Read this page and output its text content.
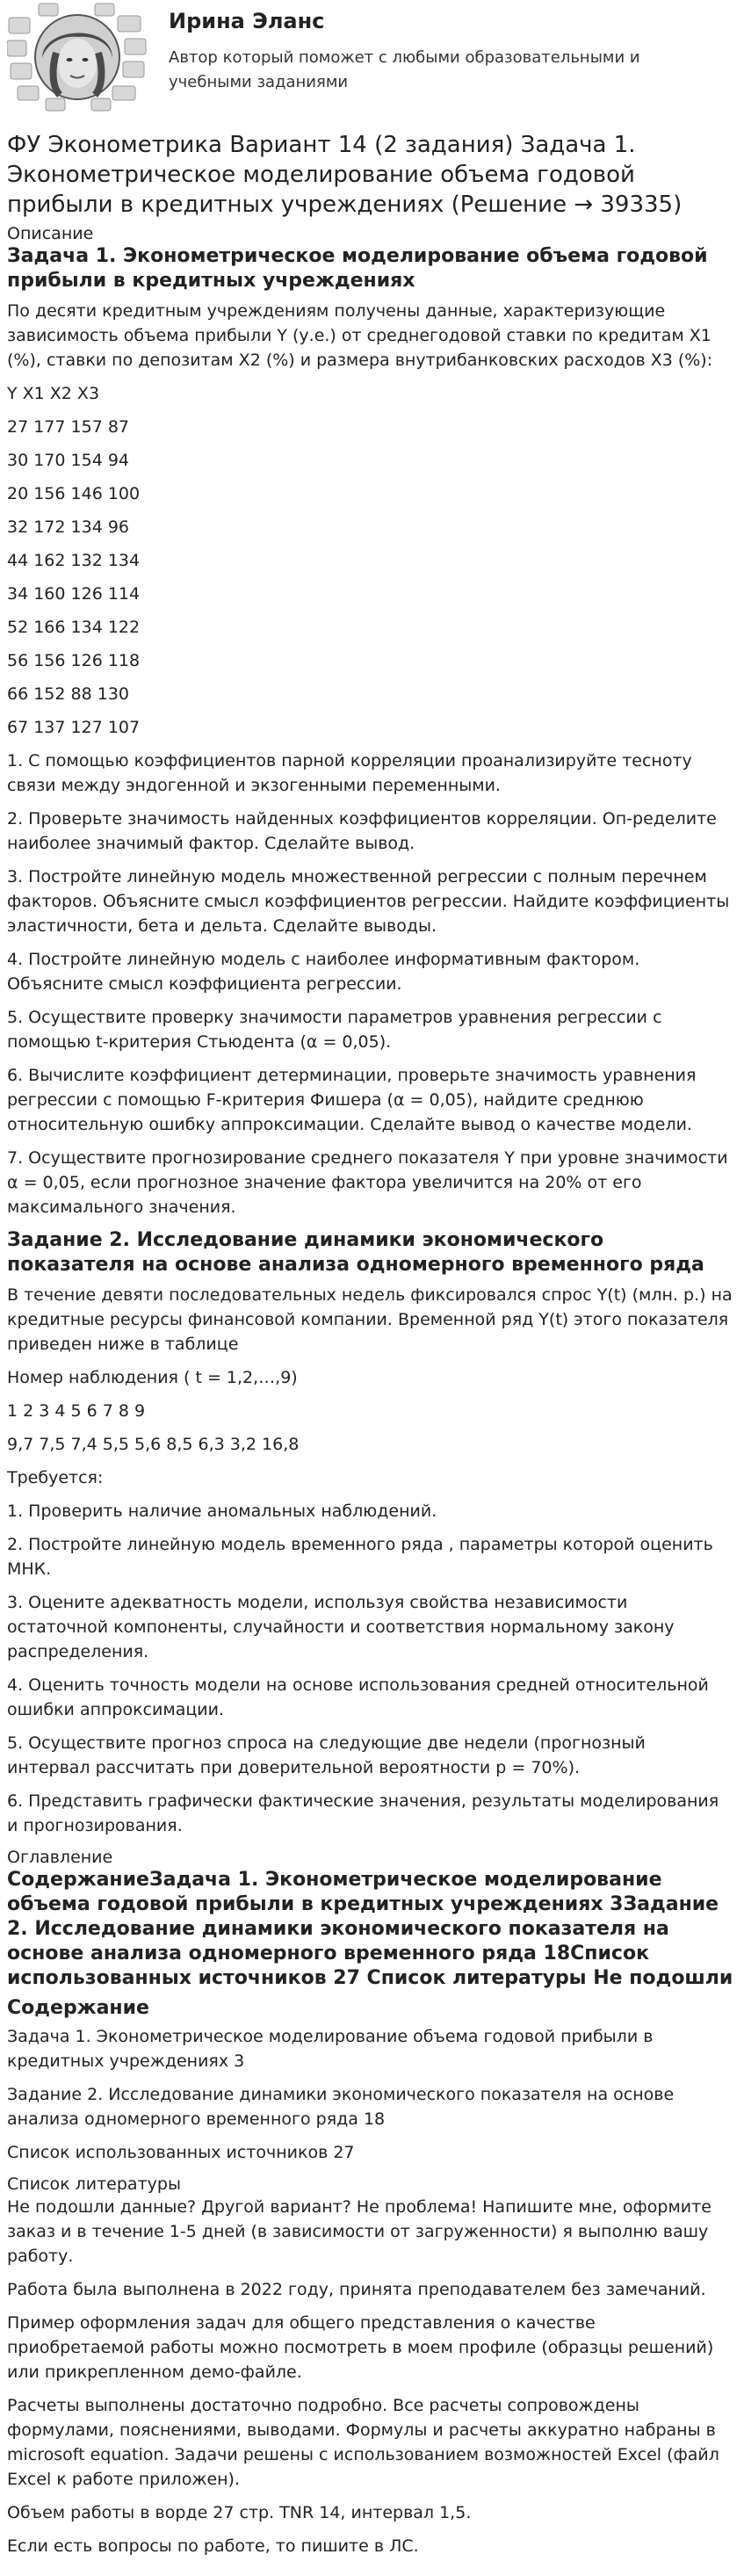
Ирина Эланс
Автор который поможет с любыми образовательными и учебными заданиями
ФУ Эконометрика Вариант 14 (2 задания) Задача 1. Эконометрическое моделирование объема годовой прибыли в кредитных учреждениях (Решение → 39335)
Описание
Задача 1. Эконометрическое моделирование объема годовой прибыли в кредитных учреждениях

По десяти кредитным учреждениям получены данные, характеризующие зависимость объема прибыли Y (у.е.) от среднегодовой ставки по кредитам X1 (%), ставки по депозитам X2 (%) и размера внутрибанковских расходов X3 (%):

Y X1 X2 X3

27 177 157 87

30 170 154 94

20 156 146 100

32 172 134 96

44 162 132 134

34 160 126 114

52 166 134 122

56 156 126 118

66 152 88 130

67 137 127 107

1. С помощью коэффициентов парной корреляции проанализируйте тесноту связи между эндогенной и экзогенными переменными.

2. Проверьте значимость найденных коэффициентов корреляции. Оп-ределите наиболее значимый фактор. Сделайте вывод.

3. Постройте линейную модель множественной регрессии с полным перечнем факторов. Объясните смысл коэффициентов регрессии. Найдите коэффициенты эластичности, бета и дельта. Сделайте выводы.

4. Постройте линейную модель с наиболее информативным фактором. Объясните смысл коэффициента регрессии.

5. Осуществите проверку значимости параметров уравнения регрессии с помощью t-критерия Стьюдента (α = 0,05).

6. Вычислите коэффициент детерминации, проверьте значимость уравнения регрессии с помощью F-критерия Фишера (α = 0,05), найдите среднюю относительную ошибку аппроксимации. Сделайте вывод о качестве модели.

7. Осуществите прогнозирование среднего показателя Y при уровне значимости α = 0,05, если прогнозное значение фактора увеличится на 20% от его максимального значения.

Задание 2. Исследование динамики экономического показателя на основе анализа одномерного временного ряда

В течение девяти последовательных недель фиксировался спрос Y(t) (млн. р.) на кредитные ресурсы финансовой компании. Временной ряд Y(t) этого показателя приведен ниже в таблице

Номер наблюдения ( t = 1,2,…,9)

1 2 3 4 5 6 7 8 9

9,7 7,5 7,4 5,5 5,6 8,5 6,3 3,2 16,8

Требуется:

1. Проверить наличие аномальных наблюдений.

2. Постройте линейную модель временного ряда , параметры которой оценить МНК.

3. Оцените адекватность модели, используя свойства независимости остаточной компоненты, случайности и соответствия нормальному закону распределения.

4. Оценить точность модели на основе использования средней относительной ошибки аппроксимации.

5. Осуществите прогноз спроса на следующие две недели (прогнозный интервал рассчитать при доверительной вероятности р = 70%).

6. Представить графически фактические значения, результаты моделирования и прогнозирования.

Оглавление
СодержаниеЗадача 1. Эконометрическое моделирование объема годовой прибыли в кредитных учреждениях 3Задание 2. Исследование динамики экономического показателя на основе анализа одномерного временного ряда 18Список использованных источников 27 Список литературы Не подошли
Содержание

Задача 1. Эконометрическое моделирование объема годовой прибыли в кредитных учреждениях 3

Задание 2. Исследование динамики экономического показателя на основе анализа одномерного временного ряда 18

Список использованных источников 27

Список литературы

Не подошли данные? Другой вариант? Не проблема! Напишите мне, оформите заказ и в течение 1-5 дней (в зависимости от загруженности) я выполню вашу работу.

Работа была выполнена в 2022 году, принята преподавателем без замечаний.

Пример оформления задач для общего представления о качестве приобретаемой работы можно посмотреть в моем профиле (образцы решений) или прикрепленном демо-файле.

Расчеты выполнены достаточно подробно. Все расчеты сопровождены формулами, пояснениями, выводами. Формулы и расчеты аккуратно набраны в microsoft equation. Задачи решены с использованием возможностей Excel (файл Excel к работе приложен).

Объем работы в ворде 27 стр. TNR 14, интервал 1,5.

Если есть вопросы по работе, то пишите в ЛС.
